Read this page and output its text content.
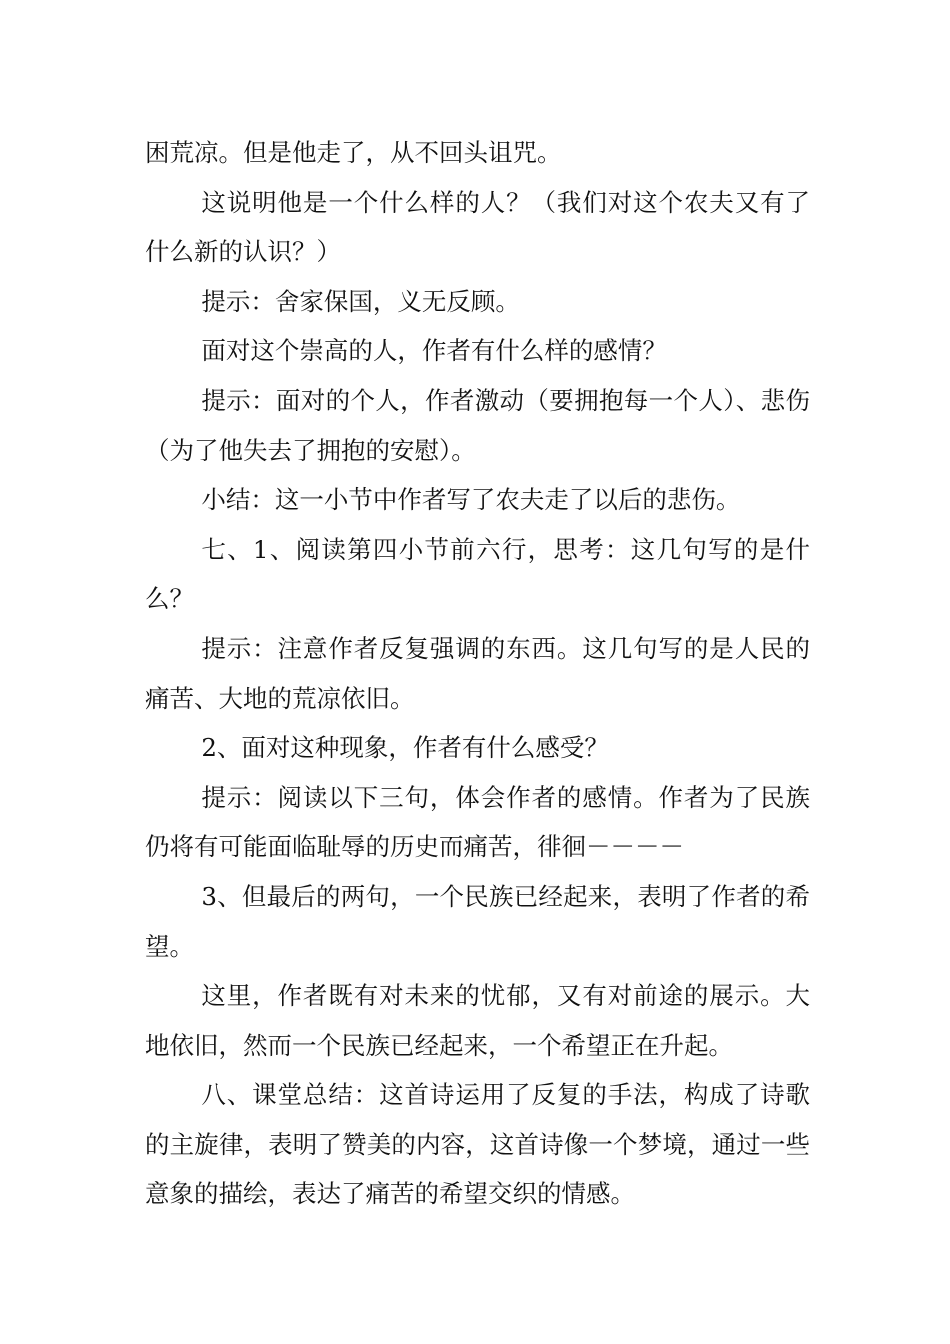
困荒凉。但是他走了，从不回头诅咒。

这说明他是一个什么样的人？（我们对这个农夫又有了什么新的认识？）

提示：舍家保国，义无反顾。

面对这个崇高的人，作者有什么样的感情？

提示：面对的个人，作者激动（要拥抱每一个人）、悲伤（为了他失去了拥抱的安慰）。

小结：这一小节中作者写了农夫走了以后的悲伤。

七、1、阅读第四小节前六行，思考：这几句写的是什么？

提示：注意作者反复强调的东西。这几句写的是人民的痛苦、大地的荒凉依旧。

2、面对这种现象，作者有什么感受？

提示：阅读以下三句，体会作者的感情。作者为了民族仍将有可能面临耻辱的历史而痛苦，徘徊－－－－

3、但最后的两句，一个民族已经起来，表明了作者的希望。

这里，作者既有对未来的忧郁，又有对前途的展示。大地依旧，然而一个民族已经起来，一个希望正在升起。

八、课堂总结：这首诗运用了反复的手法，构成了诗歌的主旋律，表明了赞美的内容，这首诗像一个梦境，通过一些意象的描绘，表达了痛苦的希望交织的情感。
